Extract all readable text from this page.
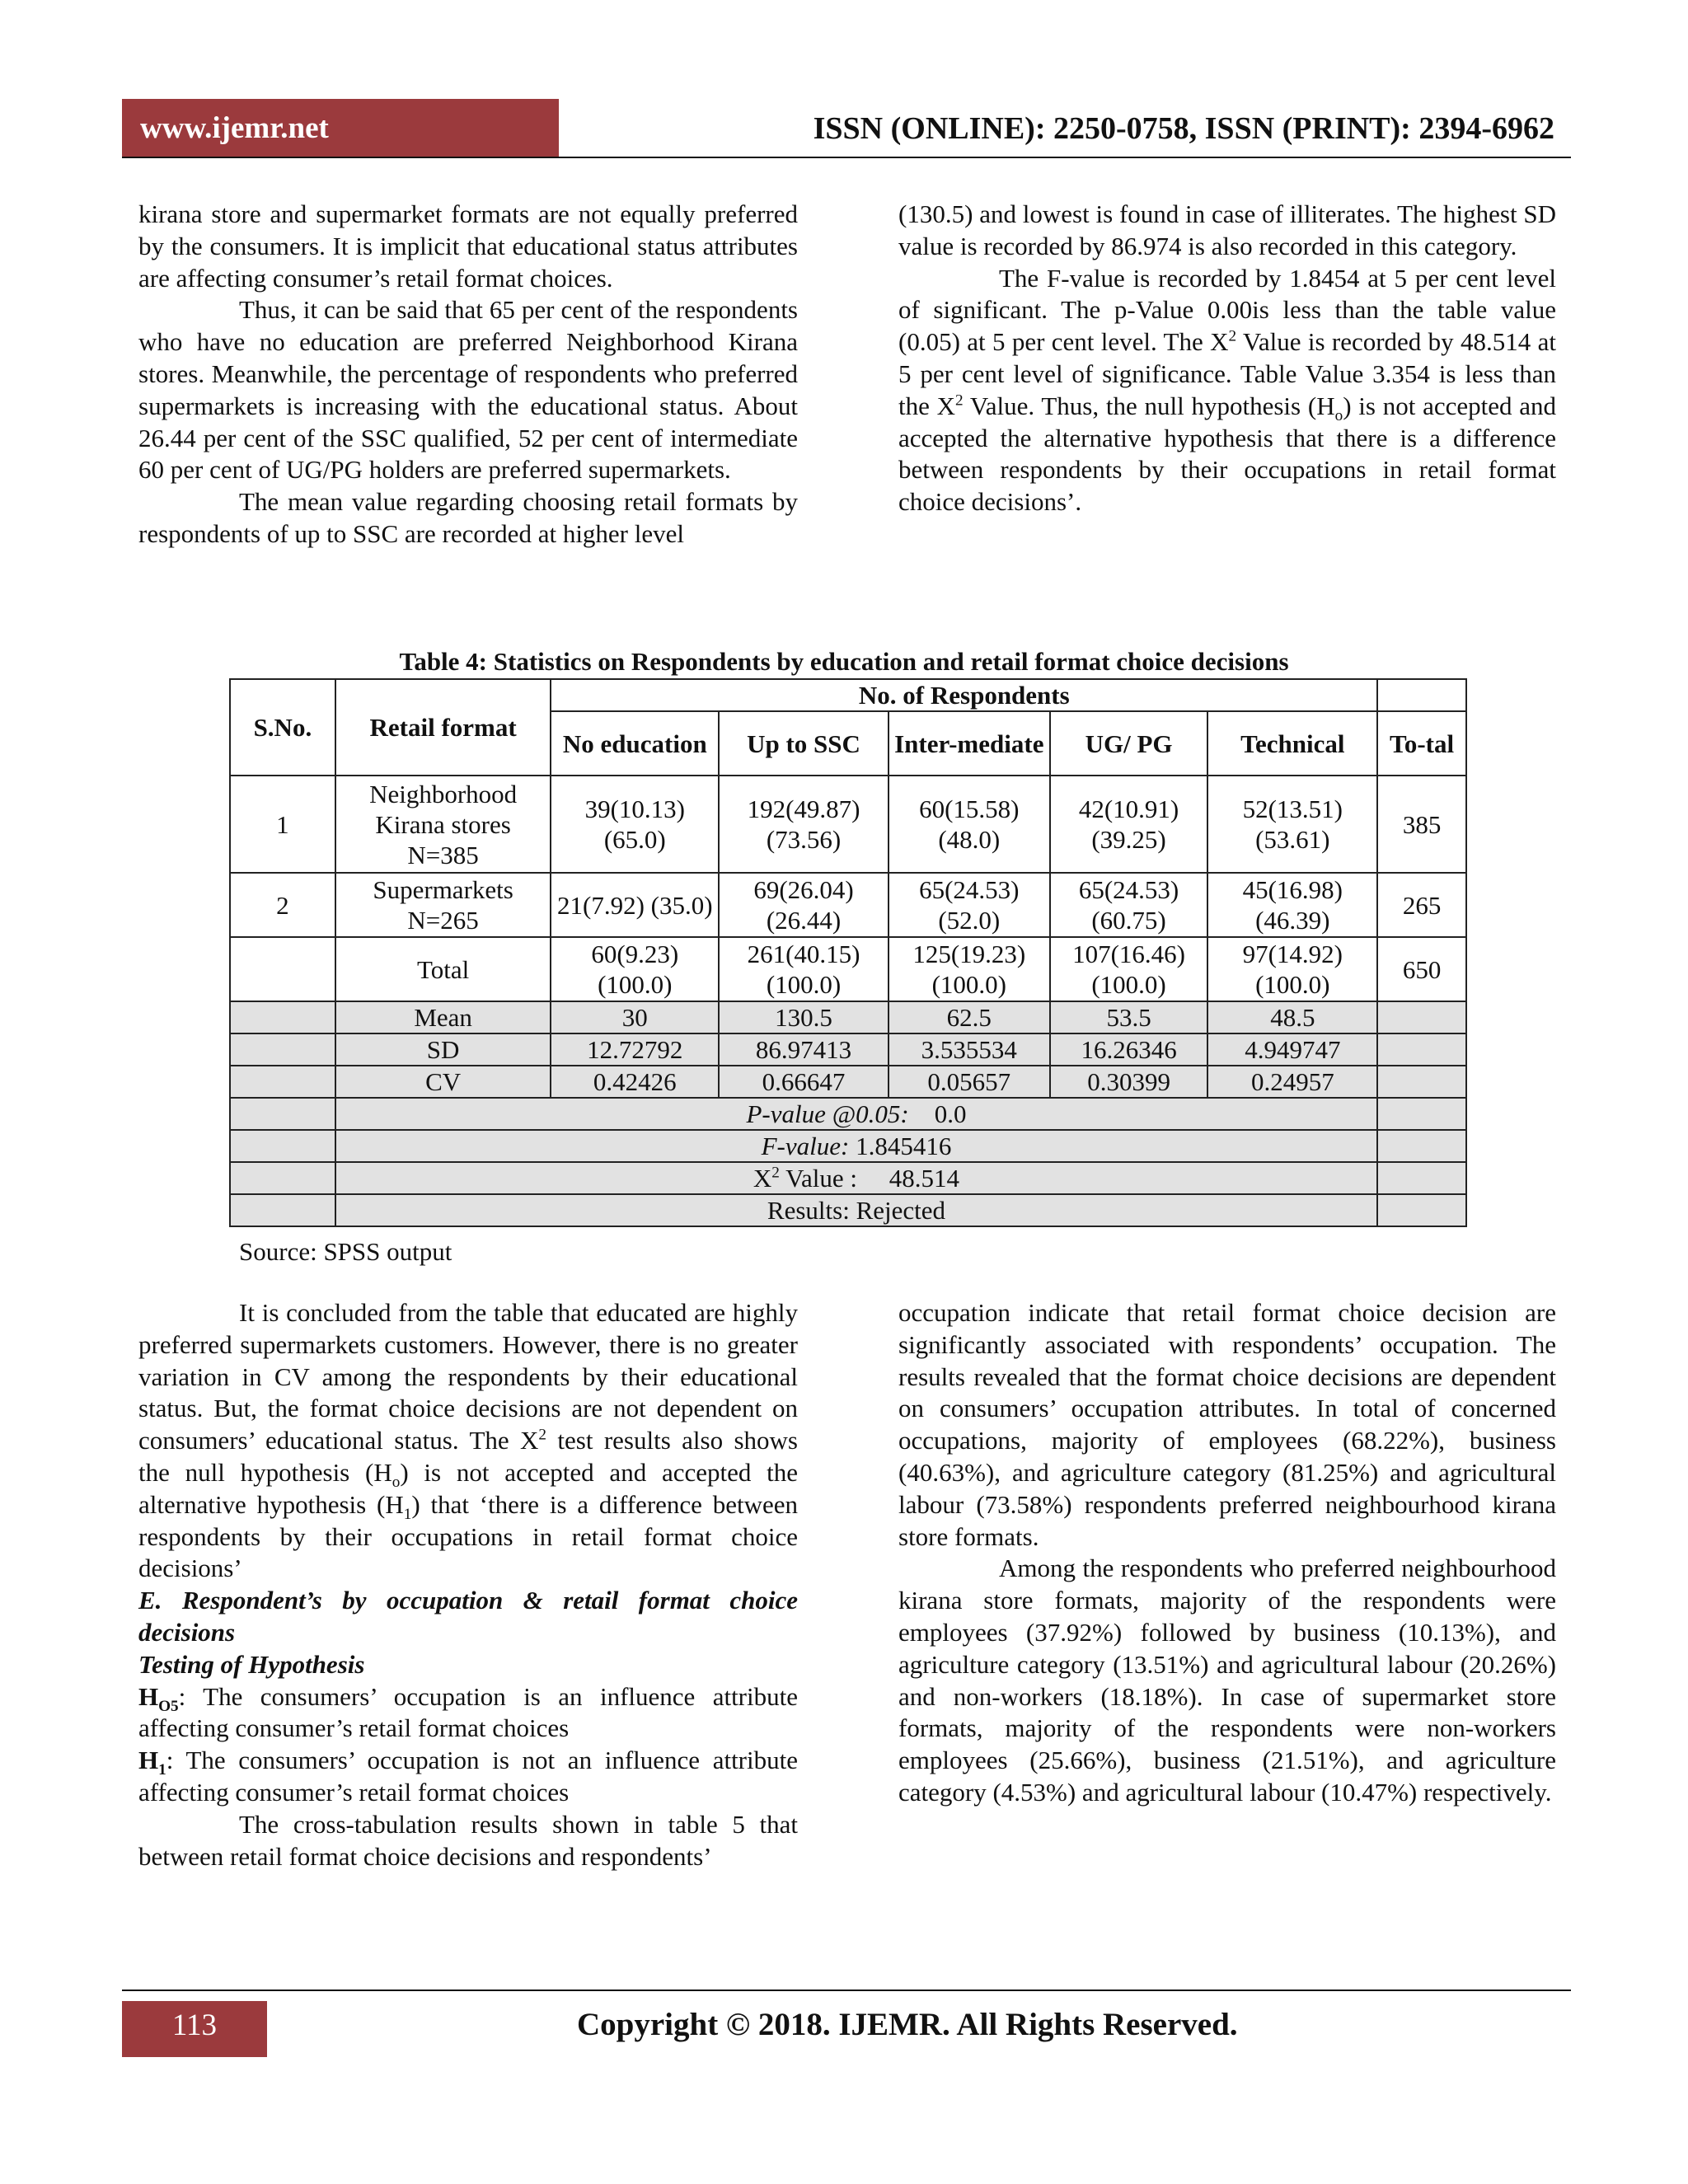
www.ijemr.net	ISSN (ONLINE): 2250-0758, ISSN (PRINT): 2394-6962

kirana store and supermarket formats are not equally preferred by the consumers. It is implicit that educational status attributes are affecting consumer’s retail format choices.

Thus, it can be said that 65 per cent of the respondents who have no education are preferred Neighborhood Kirana stores. Meanwhile, the percentage of respondents who preferred supermarkets is increasing with the educational status. About 26.44 per cent of the SSC qualified, 52 per cent of intermediate 60 per cent of UG/PG holders are preferred supermarkets.

The mean value regarding choosing retail formats by respondents of up to SSC are recorded at higher level

(130.5) and lowest is found in case of illiterates. The highest SD value is recorded by 86.974 is also recorded in this category.

The F-value is recorded by 1.8454 at 5 per cent level of significant. The p-Value 0.00is less than the table value (0.05) at 5 per cent level. The $X^2$ Value is recorded by 48.514 at 5 per cent level of significance. Table Value 3.354 is less than the $X^2$ Value. Thus, the null hypothesis $(H_o)$ is not accepted and accepted the alternative hypothesis that there is a difference between respondents by their occupations in retail format choice decisions’.

Table 4: Statistics on Respondents by education and retail format choice decisions
S.No.	Retail format	No. of Respondents					
		No education	Up to SSC	Inter-mediate	UG/ PG	Technical	To-tal
1	Neighborhood Kirana stores N=385	39(10.13) (65.0)	192(49.87) (73.56)	60(15.58) (48.0)	42(10.91) (39.25)	52(13.51) (53.61)	385
2	Supermarkets N=265	21(7.92) (35.0)	69(26.04) (26.44)	65(24.53) (52.0)	65(24.53) (60.75)	45(16.98) (46.39)	265
	Total	60(9.23) (100.0)	261(40.15) (100.0)	125(19.23) (100.0)	107(16.46) (100.0)	97(14.92) (100.0)	650
	Mean	30	130.5	62.5	53.5	48.5	
	SD	12.72792	86.97413	3.535534	16.26346	4.949747	
	CV	0.42426	0.66647	0.05657	0.30399	0.24957	
	P-value @0.05: 0.0						
	F-value: 1.845416						
	$X^2$ Value :     48.514						
	Results: Rejected						
Source: SPSS output

It is concluded from the table that educated are highly preferred supermarkets customers. However, there is no greater variation in CV among the respondents by their educational status. But, the format choice decisions are not dependent on consumers’ educational status. The $X^2$ test results also shows the null hypothesis $(H_o)$ is not accepted and accepted the alternative hypothesis $(H_1)$ that ‘there is a difference between respondents by their occupations in retail format choice decisions’

E. Respondent’s by occupation & retail format choice decisions

Testing of Hypothesis

$H_{O5}$: The consumers’ occupation is an influence attribute affecting consumer’s retail format choices

$H_1$: The consumers’ occupation is not an influence attribute affecting consumer’s retail format choices

The cross-tabulation results shown in table 5 that between retail format choice decisions and respondents’

occupation indicate that retail format choice decision are significantly associated with respondents’ occupation. The results revealed that the format choice decisions are dependent on consumers’ occupation attributes. In total of concerned occupations, majority of employees (68.22%), business (40.63%), and agriculture category (81.25%) and agricultural labour (73.58%) respondents preferred neighbourhood kirana store formats.

Among the respondents who preferred neighbourhood kirana store formats, majority of the respondents were employees (37.92%) followed by business (10.13%), and agriculture category (13.51%) and agricultural labour (20.26%) and non-workers (18.18%). In case of supermarket store formats, majority of the respondents were non-workers employees (25.66%), business (21.51%), and agriculture category (4.53%) and agricultural labour (10.47%) respectively.

113	Copyright © 2018. IJEMR. All Rights Reserved.
